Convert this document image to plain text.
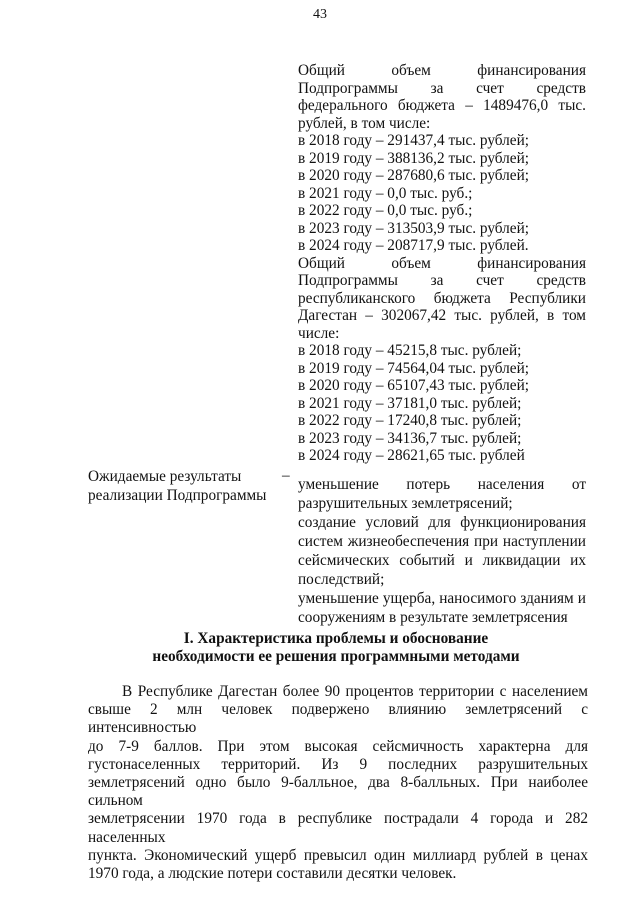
43
Общий объем финансирования
Подпрограммы за счет средств
федерального бюджета – 1489476,0 тыс.
рублей, в том числе:
в 2018 году – 291437,4 тыс. рублей;
в 2019 году – 388136,2 тыс. рублей;
в 2020 году – 287680,6 тыс. рублей;
в 2021 году – 0,0 тыс. руб.;
в 2022 году – 0,0 тыс. руб.;
в 2023 году – 313503,9 тыс. рублей;
в 2024 году – 208717,9 тыс. рублей.
Общий объем финансирования
Подпрограммы за счет средств
республиканского бюджета Республики
Дагестан – 302067,42 тыс. рублей, в том
числе:
в 2018 году – 45215,8 тыс. рублей;
в 2019 году – 74564,04 тыс. рублей;
в 2020 году – 65107,43 тыс. рублей;
в 2021 году – 37181,0 тыс. рублей;
в 2022 году – 17240,8 тыс. рублей;
в 2023 году – 34136,7 тыс. рублей;
в 2024 году – 28621,65 тыс. рублей
Ожидаемые результаты
реализации Подпрограммы
–
уменьшение потерь населения от
разрушительных землетрясений;
создание условий для функционирования
систем жизнеобеспечения при наступлении
сейсмических событий и ликвидации их
последствий;
уменьшение ущерба, наносимого зданиям и
сооружениям в результате землетрясения
I. Характеристика проблемы и обоснование
необходимости ее решения программными методами
В Республике Дагестан более 90 процентов территории с населением
свыше 2 млн человек подвержено влиянию землетрясений с интенсивностью
до 7-9 баллов. При этом высокая сейсмичность характерна для
густонаселенных территорий. Из 9 последних разрушительных
землетрясений одно было 9-балльное, два 8-балльных. При наиболее сильном
землетрясении 1970 года в республике пострадали 4 города и 282 населенных
пункта. Экономический ущерб превысил один миллиард рублей в ценах
1970 года, а людские потери составили десятки человек.
